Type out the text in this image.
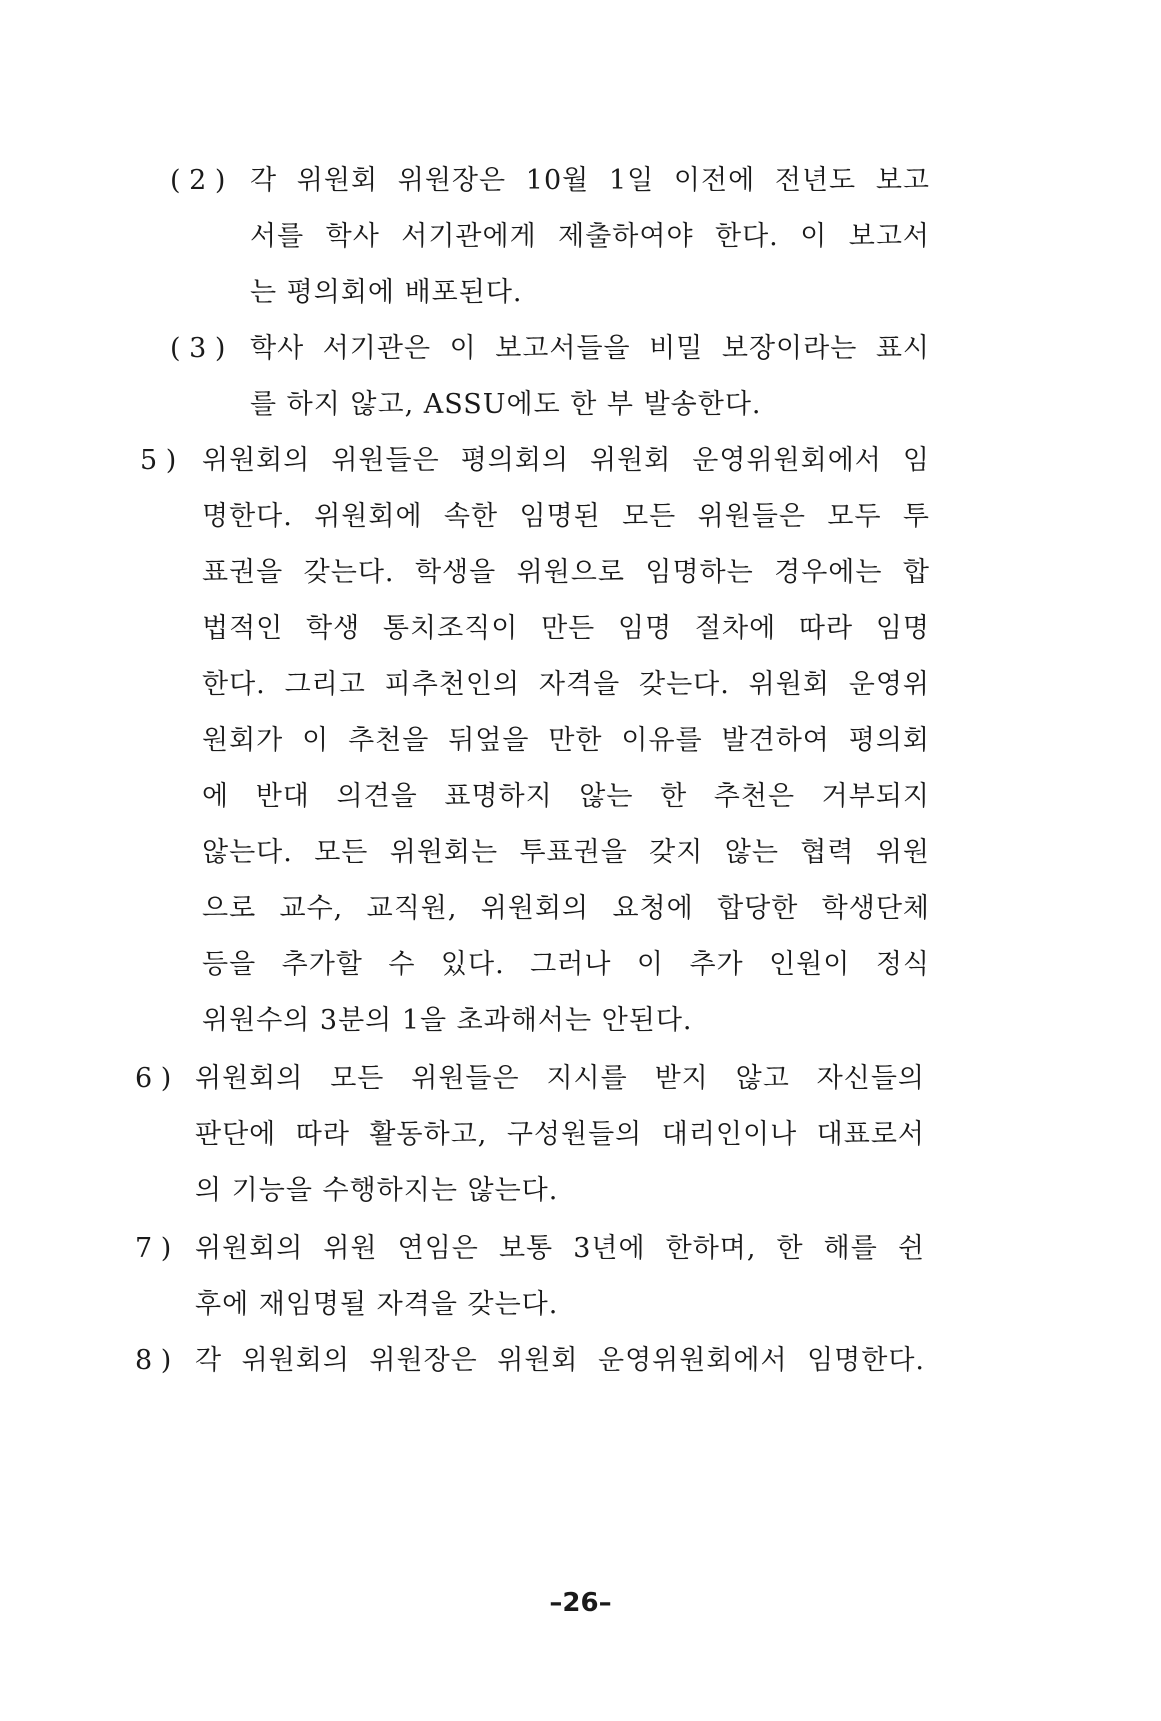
( 2 ) 각 위원회 위원장은 10월 1일 이전에 전년도 보고
서를 학사 서기관에게 제출하여야 한다. 이 보고서
는 평의회에 배포된다.
( 3 ) 학사 서기관은 이 보고서들을 비밀 보장이라는 표시
를 하지 않고, ASSU에도 한 부 발송한다.
5 ) 위원회의 위원들은 평의회의 위원회 운영위원회에서 임
명한다. 위원회에 속한 임명된 모든 위원들은 모두 투
표권을 갖는다. 학생을 위원으로 임명하는 경우에는 합
법적인 학생 통치조직이 만든 임명 절차에 따라 임명
한다. 그리고 피추천인의 자격을 갖는다. 위원회 운영위
원회가 이 추천을 뒤엎을 만한 이유를 발견하여 평의회
에 반대 의견을 표명하지 않는 한 추천은 거부되지
않는다. 모든 위원회는 투표권을 갖지 않는 협력 위원
으로 교수, 교직원, 위원회의 요청에 합당한 학생단체
등을 추가할 수 있다. 그러나 이 추가 인원이 정식
위원수의 3분의 1을 초과해서는 안된다.
6 ) 위원회의 모든 위원들은 지시를 받지 않고 자신들의
판단에 따라 활동하고, 구성원들의 대리인이나 대표로서
의 기능을 수행하지는 않는다.
7 ) 위원회의 위원 연임은 보통 3년에 한하며, 한 해를 쉰
후에 재임명될 자격을 갖는다.
8 ) 각 위원회의 위원장은 위원회 운영위원회에서 임명한다.
–26–
